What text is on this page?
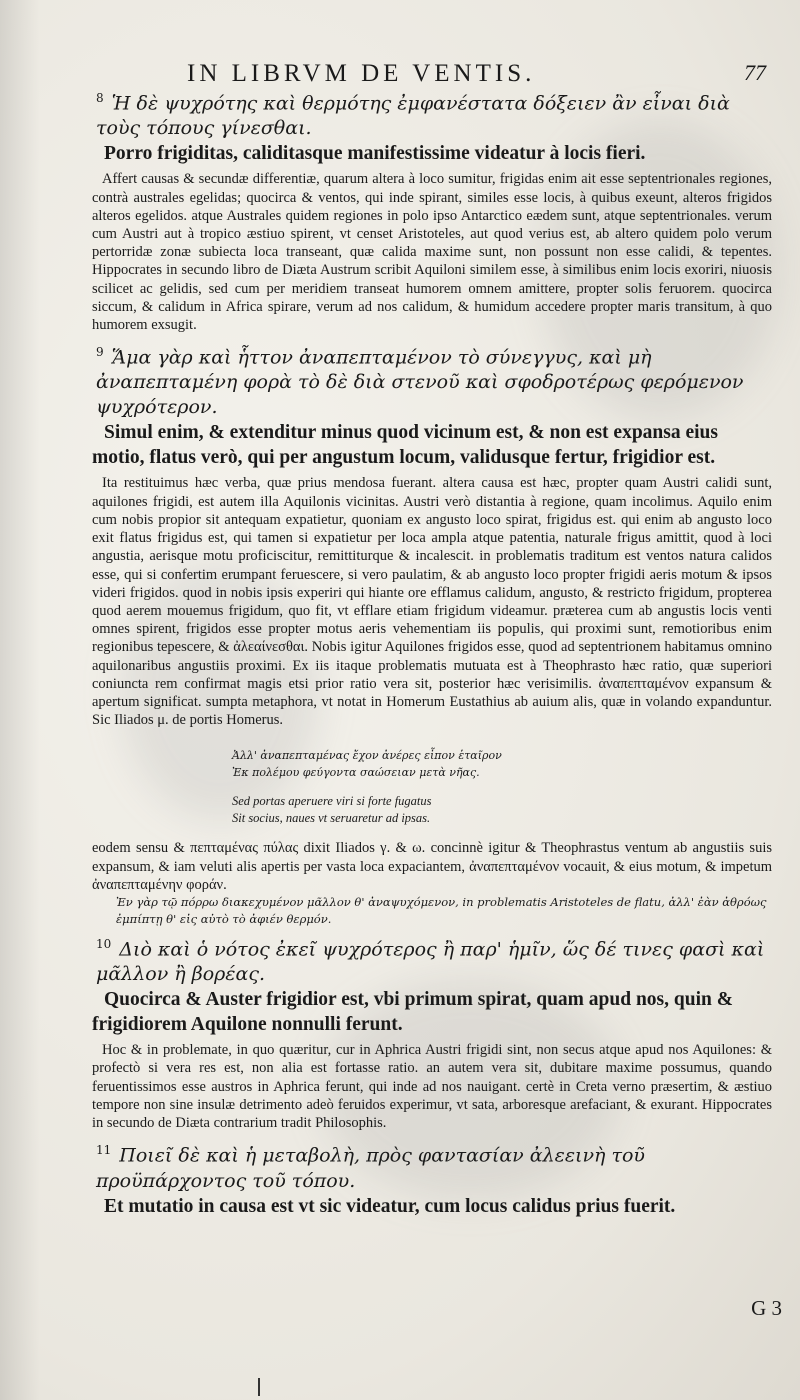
IN LIBRVM DE VENTIS.	77
$^8$ Ἡ δὲ ψυχρότης καὶ θερμότης ἐμφανέστατα δόξειεν ἂν εἶναι διὰ τοὺς τόπους γίνεσθαι.
Porro frigiditas, caliditasque manifestissime videatur à locis fieri.
Affert causas & secundæ differentiæ, quarum altera à loco sumitur, frigidas enim ait esse septentrionales regiones, contrà australes egelidas; quocirca & ventos, qui inde spirant, similes esse locis, à quibus exeunt, alteros frigidos alteros egelidos. atque Australes quidem regiones in polo ipso Antarctico eædem sunt, atque septentrionales. verum cum Austri aut à tropico æstiuo spirent, vt censet Aristoteles, aut quod verius est, ab altero quidem polo verum pertorridæ zonæ subiecta loca transeant, quæ calida maxime sunt, non possunt non esse calidi, & tepentes. Hippocrates in secundo libro de Diæta Austrum scribit Aquiloni similem esse, à similibus enim locis exoriri, niuosis scilicet ac gelidis, sed cum per meridiem transeat humorem omnem amittere, propter solis feruorem. quocirca siccum, & calidum in Africa spirare, verum ad nos calidum, & humidum accedere propter maris transitum, à quo humorem exsugit.
$^9$ Ἅμα γὰρ καὶ ἧττον ἀναπεπταμένον τὸ σύνεγγυς, καὶ μὴ ἀναπεπταμένη φορὰ τὸ δὲ διὰ στενοῦ καὶ σφοδροτέρως φερόμενον ψυχρότερον.
Simul enim, & extenditur minus quod vicinum est, & non est expansa eius motio, flatus verò, qui per angustum locum, validusque fertur, frigidior est.
Ita restituimus hæc verba, quæ prius mendosa fuerant. altera causa est hæc, propter quam Austri calidi sunt, aquilones frigidi, est autem illa Aquilonis vicinitas. Austri verò distantia à regione, quam incolimus. Aquilo enim cum nobis propior sit antequam expatietur, quoniam ex angusto loco spirat, frigidus est. qui enim ab angusto loco exit flatus frigidus est, qui tamen si expatietur per loca ampla atque patentia, naturale frigus amittit, quod à loci angustia, aerisque motu proficiscitur, remittiturque & incalescit. in problematis traditum est ventos natura calidos esse, qui si confertim erumpant feruescere, si vero paulatim, & ab angusto loco propter frigidi aeris motum & ipsos videri frigidos. quod in nobis ipsis experiri qui hiante ore efflamus calidum, angusto, & restricto frigidum, propterea quod aerem mouemus frigidum, quo fit, vt efflare etiam frigidum videamur. præterea cum ab angustis locis venti omnes spirent, frigidos esse propter motus aeris vehementiam iis populis, qui proximi sunt, remotioribus enim regionibus tepescere, & ἀλεαίνεσθαι. Nobis igitur Aquilones frigidos esse, quod ad septentrionem habitamus omnino aquilonaribus angustiis proximi. Ex iis itaque problematis mutuata est à Theophrasto hæc ratio, quæ superiori coniuncta rem confirmat magis etsi prior ratio vera sit, posterior hæc verisimilis. ἀναπεπταμένον expansum & apertum significat. sumpta metaphora, vt notat in Homerum Eustathius ab auium alis, quæ in volando expanduntur. Sic Iliados μ. de portis Homerus.
Ἀλλ' ἀναπεπταμένας ἔχον ἀνέρες εἶπον ἑταῖρον
Ἐκ πολέμου φεύγοντα σαώσειαν μετὰ νῆας.
Sed portas aperuere viri si forte fugatus
Sit socius, naues vt seruaretur ad ipsas.
eodem sensu & πεπταμένας πύλας dixit Iliados γ. & ω. concinnè igitur & Theophrastus ventum ab angustiis suis expansum, & iam veluti alis apertis per vasta loca expaciantem, ἀναπεπταμένον vocauit, & eius motum, & impetum ἀναπεπταμένην φοράν.
Ἐν γὰρ τῷ πόρρω διακεχυμένον μᾶλλον θ' ἀναψυχόμενον, in problematis Aristoteles de flatu, ἀλλ' ἐὰν ἀθρόως ἐμπίπτῃ θ' εἰς αὐτὸ τὸ ἀφιέν θερμόν.
$^{10}$ Διὸ καὶ ὁ νότος ἐκεῖ ψυχρότερος ἢ παρ' ἡμῖν, ὥς δέ τινες φασὶ καὶ μᾶλλον ἢ βορέας.
Quocirca & Auster frigidior est, vbi primum spirat, quam apud nos, quin & frigidiorem Aquilone nonnulli ferunt.
Hoc & in problemate, in quo quæritur, cur in Aphrica Austri frigidi sint, non secus atque apud nos Aquilones: & profectò si vera res est, non alia est fortasse ratio. an autem vera sit, dubitare maxime possumus, quando feruentissimos esse austros in Aphrica ferunt, qui inde ad nos nauigant. certè in Creta verno præsertim, & æstiuo tempore non sine insulæ detrimento adeò feruidos experimur, vt sata, arboresque arefaciant, & exurant. Hippocrates in secundo de Diæta contrarium tradit Philosophis.
$^{11}$ Ποιεῖ δὲ καὶ ἡ μεταβολὴ, πρὸς φαντασίαν ἀλεεινὴ τοῦ προϋπάρχοντος τοῦ τόπου.
Et mutatio in causa est vt sic videatur, cum locus calidus prius fuerit.
G 3
